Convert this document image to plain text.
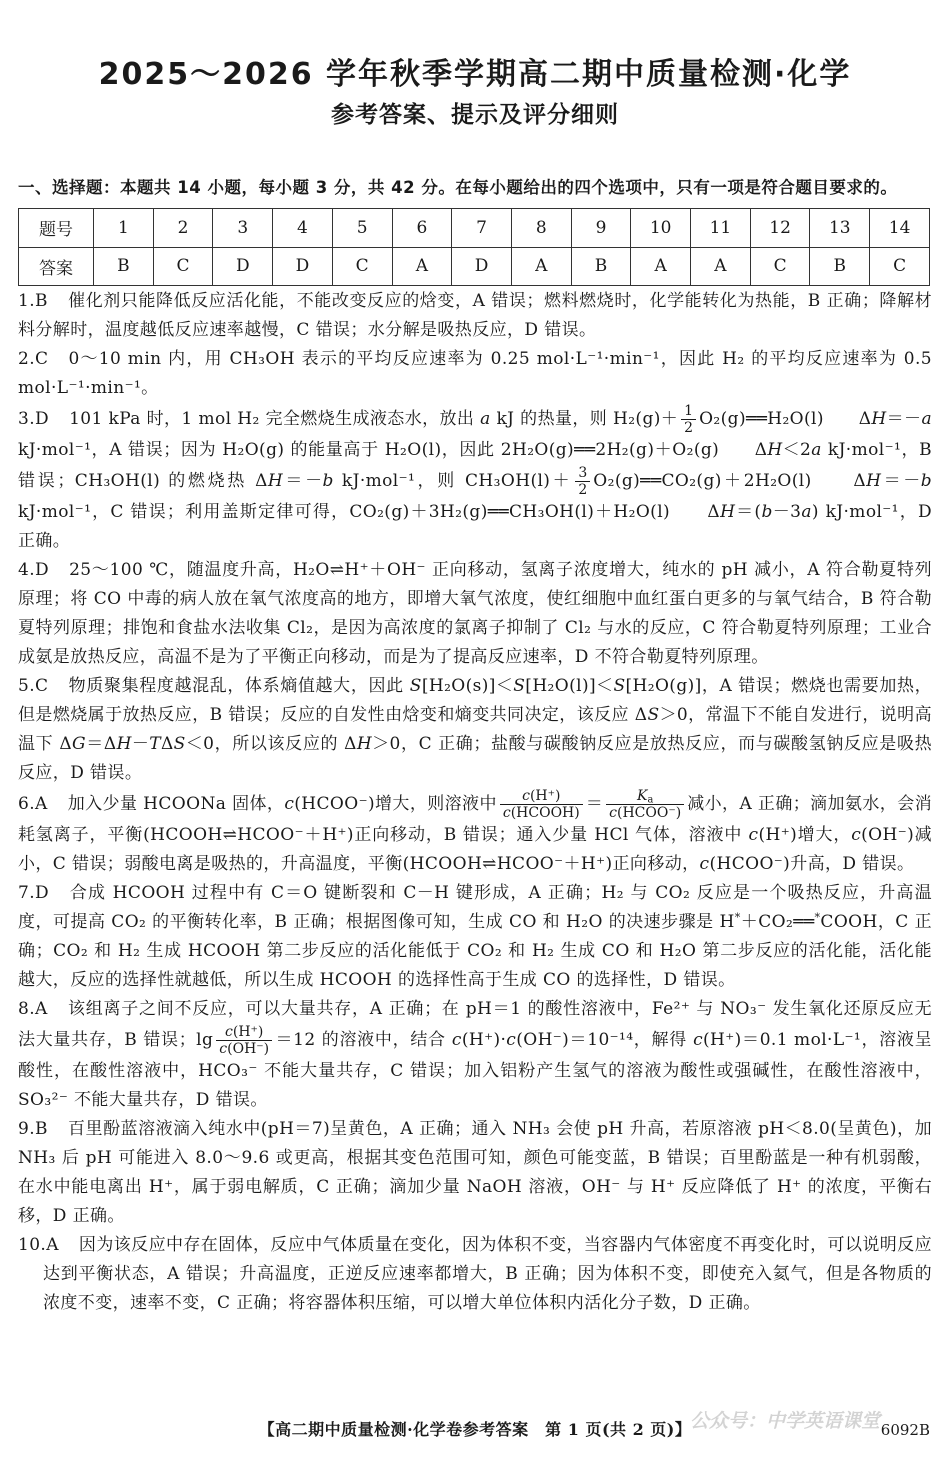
2025～2026 学年秋季学期高二期中质量检测·化学
参考答案、提示及评分细则
一、选择题：本题共 14 小题，每小题 3 分，共 42 分。在每小题给出的四个选项中，只有一项是符合题目要求的。
题号	1	2	3	4	5	6	7	8	9	10	11	12	13	14
答案	B	C	D	D	C	A	D	A	B	A	A	C	B	C

1.B 催化剂只能降低反应活化能，不能改变反应的焓变，A 错误；燃料燃烧时，化学能转化为热能，B 正确；降解材料分解时，温度越低反应速率越慢，C 错误；水分解是吸热反应，D 错误。

2.C 0～10 min 内，用 CH₃OH 表示的平均反应速率为 0.25 mol·L⁻¹·min⁻¹，因此 H₂ 的平均反应速率为 0.5 mol·L⁻¹·min⁻¹。

3.D 101 kPa 时，1 mol H₂ 完全燃烧生成液态水，放出 a kJ 的热量，则 $H_2(g)+ \frac{1}{2}$ O₂(g)══H₂O(l)　　ΔH＝－a kJ·mol⁻¹，A 错误；因为 H₂O(g) 的能量高于 H₂O(l)，因此 2H₂O(g)══2H₂(g)＋O₂(g)　　ΔH＜2a kJ·mol⁻¹，B 错误；CH₃OH(l) 的燃烧热 ΔH＝－b kJ·mol⁻¹，则 $CH_3OH(l)+ \frac{3}{2}$ O₂(g)══CO₂(g)＋2H₂O(l)　　ΔH＝－b kJ·mol⁻¹，C 错误；利用盖斯定律可得，CO₂(g)＋3H₂(g)══CH₃OH(l)＋H₂O(l)　　ΔH＝(b－3a) kJ·mol⁻¹，D 正确。

4.D 25～100 ℃，随温度升高，H₂O⇌H⁺＋OH⁻ 正向移动，氢离子浓度增大，纯水的 pH 减小，A 符合勒夏特列原理；将 CO 中毒的病人放在氧气浓度高的地方，即增大氧气浓度，使红细胞中血红蛋白更多的与氧气结合，B 符合勒夏特列原理；排饱和食盐水法收集 Cl₂，是因为高浓度的氯离子抑制了 Cl₂ 与水的反应，C 符合勒夏特列原理；工业合成氨是放热反应，高温不是为了平衡正向移动，而是为了提高反应速率，D 不符合勒夏特列原理。

5.C 物质聚集程度越混乱，体系熵值越大，因此 S[H₂O(s)]＜S[H₂O(l)]＜S[H₂O(g)]，A 错误；燃烧也需要加热，但是燃烧属于放热反应，B 错误；反应的自发性由焓变和熵变共同决定，该反应 ΔS＞0，常温下不能自发进行，说明高温下 ΔG＝ΔH－TΔS＜0，所以该反应的 ΔH＞0，C 正确；盐酸与碳酸钠反应是放热反应，而与碳酸氢钠反应是吸热反应，D 错误。

6.A 加入少量 HCOONa 固体，c(HCOO⁻)增大，则溶液中 $\frac{c(H^+)}{\text{c(HCOOH)}} = \frac{K_a}{\text{c(HCOO⁻)}}$ 减小，A 正确；滴加氨水，会消耗氢离子，平衡(HCOOH⇌HCOO⁻＋H⁺)正向移动，B 错误；通入少量 HCl 气体，溶液中 c(H⁺)增大，c(OH⁻)减小，C 错误；弱酸电离是吸热的，升高温度，平衡(HCOOH⇌HCOO⁻＋H⁺)正向移动，c(HCOO⁻)升高，D 错误。

7.D 合成 HCOOH 过程中有 C＝O 键断裂和 C－H 键形成，A 正确；H₂ 与 CO₂ 反应是一个吸热反应，升高温度，可提高 CO₂ 的平衡转化率，B 正确；根据图像可知，生成 CO 和 H₂O 的决速步骤是 H*＋CO₂══*COOH，C 正确；CO₂ 和 H₂ 生成 HCOOH 第二步反应的活化能低于 CO₂ 和 H₂ 生成 CO 和 H₂O 第二步反应的活化能，活化能越大，反应的选择性就越低，所以生成 HCOOH 的选择性高于生成 CO 的选择性，D 错误。

8.A 该组离子之间不反应，可以大量共存，A 正确；在 pH＝1 的酸性溶液中，Fe²⁺ 与 NO₃⁻ 发生氧化还原反应无法大量共存，B 错误；$\lg \frac{c(H^+)}{c(OH^-)} =12$ 的溶液中，结合 c(H⁺)·c(OH⁻)＝10⁻¹⁴，解得 c(H⁺)＝0.1 mol·L⁻¹，溶液呈酸性，在酸性溶液中，HCO₃⁻ 不能大量共存，C 错误；加入铝粉产生氢气的溶液为酸性或强碱性，在酸性溶液中，SO₃²⁻ 不能大量共存，D 错误。

9.B 百里酚蓝溶液滴入纯水中(pH＝7)呈黄色，A 正确；通入 NH₃ 会使 pH 升高，若原溶液 pH＜8.0(呈黄色)，加 NH₃ 后 pH 可能进入 8.0～9.6 或更高，根据其变色范围可知，颜色可能变蓝，B 错误；百里酚蓝是一种有机弱酸，在水中能电离出 H⁺，属于弱电解质，C 正确；滴加少量 NaOH 溶液，OH⁻ 与 H⁺ 反应降低了 H⁺ 的浓度，平衡右移，D 正确。

10.A 因为该反应中存在固体，反应中气体质量在变化，因为体积不变，当容器内气体密度不再变化时，可以说明反应达到平衡状态，A 错误；升高温度，正逆反应速率都增大，B 正确；因为体积不变，即使充入氦气，但是各物质的浓度不变，速率不变，C 正确；将容器体积压缩，可以增大单位体积内活化分子数，D 正确。

【高二期中质量检测·化学卷参考答案　第 1 页(共 2 页)】	6092B
公众号：中学英语课堂
